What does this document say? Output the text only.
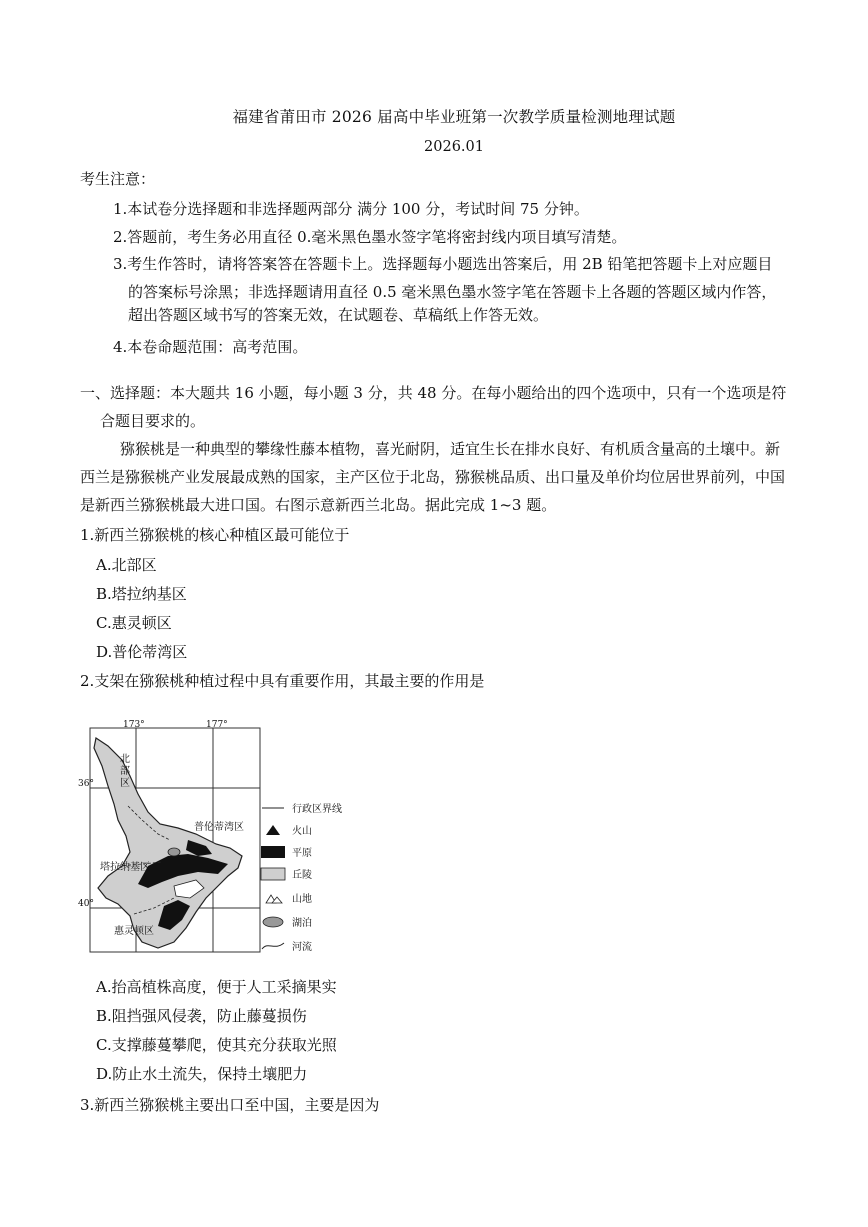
福建省莆田市 2026 届高中毕业班第一次教学质量检测地理试题
2026.01
考生注意：
1.本试卷分选择题和非选择题两部分 满分 100 分，考试时间 75 分钟。
2.答题前，考生务必用直径 0.毫米黑色墨水签字笔将密封线内项目填写清楚。
3.考生作答时，请将答案答在答题卡上。选择题每小题选出答案后，用 2B 铅笔把答题卡上对应题目
的答案标号涂黑；非选择题请用直径 0.5 毫米黑色墨水签字笔在答题卡上各题的答题区域内作答，
超出答题区域书写的答案无效，在试题卷、草稿纸上作答无效。
4.本卷命题范围：高考范围。
一、选择题：本大题共 16 小题，每小题 3 分，共 48 分。在每小题给出的四个选项中，只有一个选项是符
合题目要求的。
猕猴桃是一种典型的攀缘性藤本植物，喜光耐阴，适宜生长在排水良好、有机质含量高的土壤中。新西兰是猕猴桃产业发展最成熟的国家，主产区位于北岛，猕猴桃品质、出口量及单价均位居世界前列，中国是新西兰猕猴桃最大进口国。右图示意新西兰北岛。据此完成 1~3 题。
1.新西兰猕猴桃的核心种植区最可能位于
A.北部区
B.塔拉纳基区
C.惠灵顿区
D.普伦蒂湾区
2.支架在猕猴桃种植过程中具有重要作用，其最主要的作用是
173°	177°
36°
40°
北
部
区
普伦蒂湾区
塔拉纳基区
惠灵顿区
行政区界线
火山
平原
丘陵
山地
湖泊
河流
A.抬高植株高度，便于人工采摘果实
B.阻挡强风侵袭，防止藤蔓损伤
C.支撑藤蔓攀爬，使其充分获取光照
D.防止水土流失，保持土壤肥力
3.新西兰猕猴桃主要出口至中国，主要是因为
